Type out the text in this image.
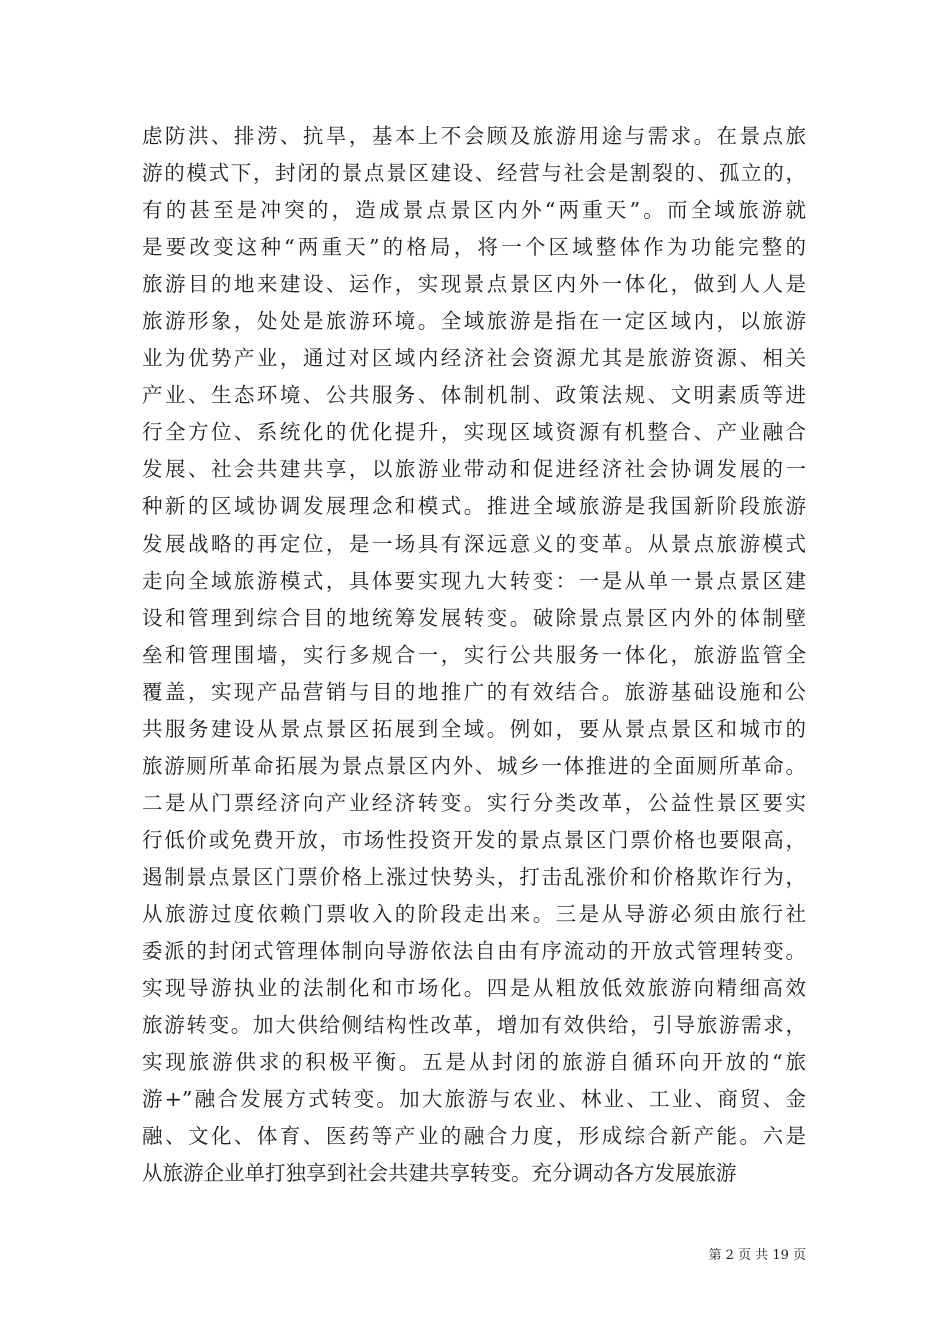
虑防洪、排涝、抗旱，基本上不会顾及旅游用途与需求。在景点旅
游的模式下，封闭的景点景区建设、经营与社会是割裂的、孤立的，
有的甚至是冲突的，造成景点景区内外“两重天”。而全域旅游就
是要改变这种“两重天”的格局，将一个区域整体作为功能完整的
旅游目的地来建设、运作，实现景点景区内外一体化，做到人人是
旅游形象，处处是旅游环境。全域旅游是指在一定区域内，以旅游
业为优势产业，通过对区域内经济社会资源尤其是旅游资源、相关
产业、生态环境、公共服务、体制机制、政策法规、文明素质等进
行全方位、系统化的优化提升，实现区域资源有机整合、产业融合
发展、社会共建共享，以旅游业带动和促进经济社会协调发展的一
种新的区域协调发展理念和模式。推进全域旅游是我国新阶段旅游
发展战略的再定位，是一场具有深远意义的变革。从景点旅游模式
走向全域旅游模式，具体要实现九大转变：一是从单一景点景区建
设和管理到综合目的地统筹发展转变。破除景点景区内外的体制壁
垒和管理围墙，实行多规合一，实行公共服务一体化，旅游监管全
覆盖，实现产品营销与目的地推广的有效结合。旅游基础设施和公
共服务建设从景点景区拓展到全域。例如，要从景点景区和城市的
旅游厕所革命拓展为景点景区内外、城乡一体推进的全面厕所革命。
二是从门票经济向产业经济转变。实行分类改革，公益性景区要实
行低价或免费开放，市场性投资开发的景点景区门票价格也要限高，
遏制景点景区门票价格上涨过快势头，打击乱涨价和价格欺诈行为，
从旅游过度依赖门票收入的阶段走出来。三是从导游必须由旅行社
委派的封闭式管理体制向导游依法自由有序流动的开放式管理转变。
实现导游执业的法制化和市场化。四是从粗放低效旅游向精细高效
旅游转变。加大供给侧结构性改革，增加有效供给，引导旅游需求，
实现旅游供求的积极平衡。五是从封闭的旅游自循环向开放的“旅
游+”融合发展方式转变。加大旅游与农业、林业、工业、商贸、金
融、文化、体育、医药等产业的融合力度，形成综合新产能。六是
从旅游企业单打独享到社会共建共享转变。充分调动各方发展旅游
第 2 页 共 19 页
